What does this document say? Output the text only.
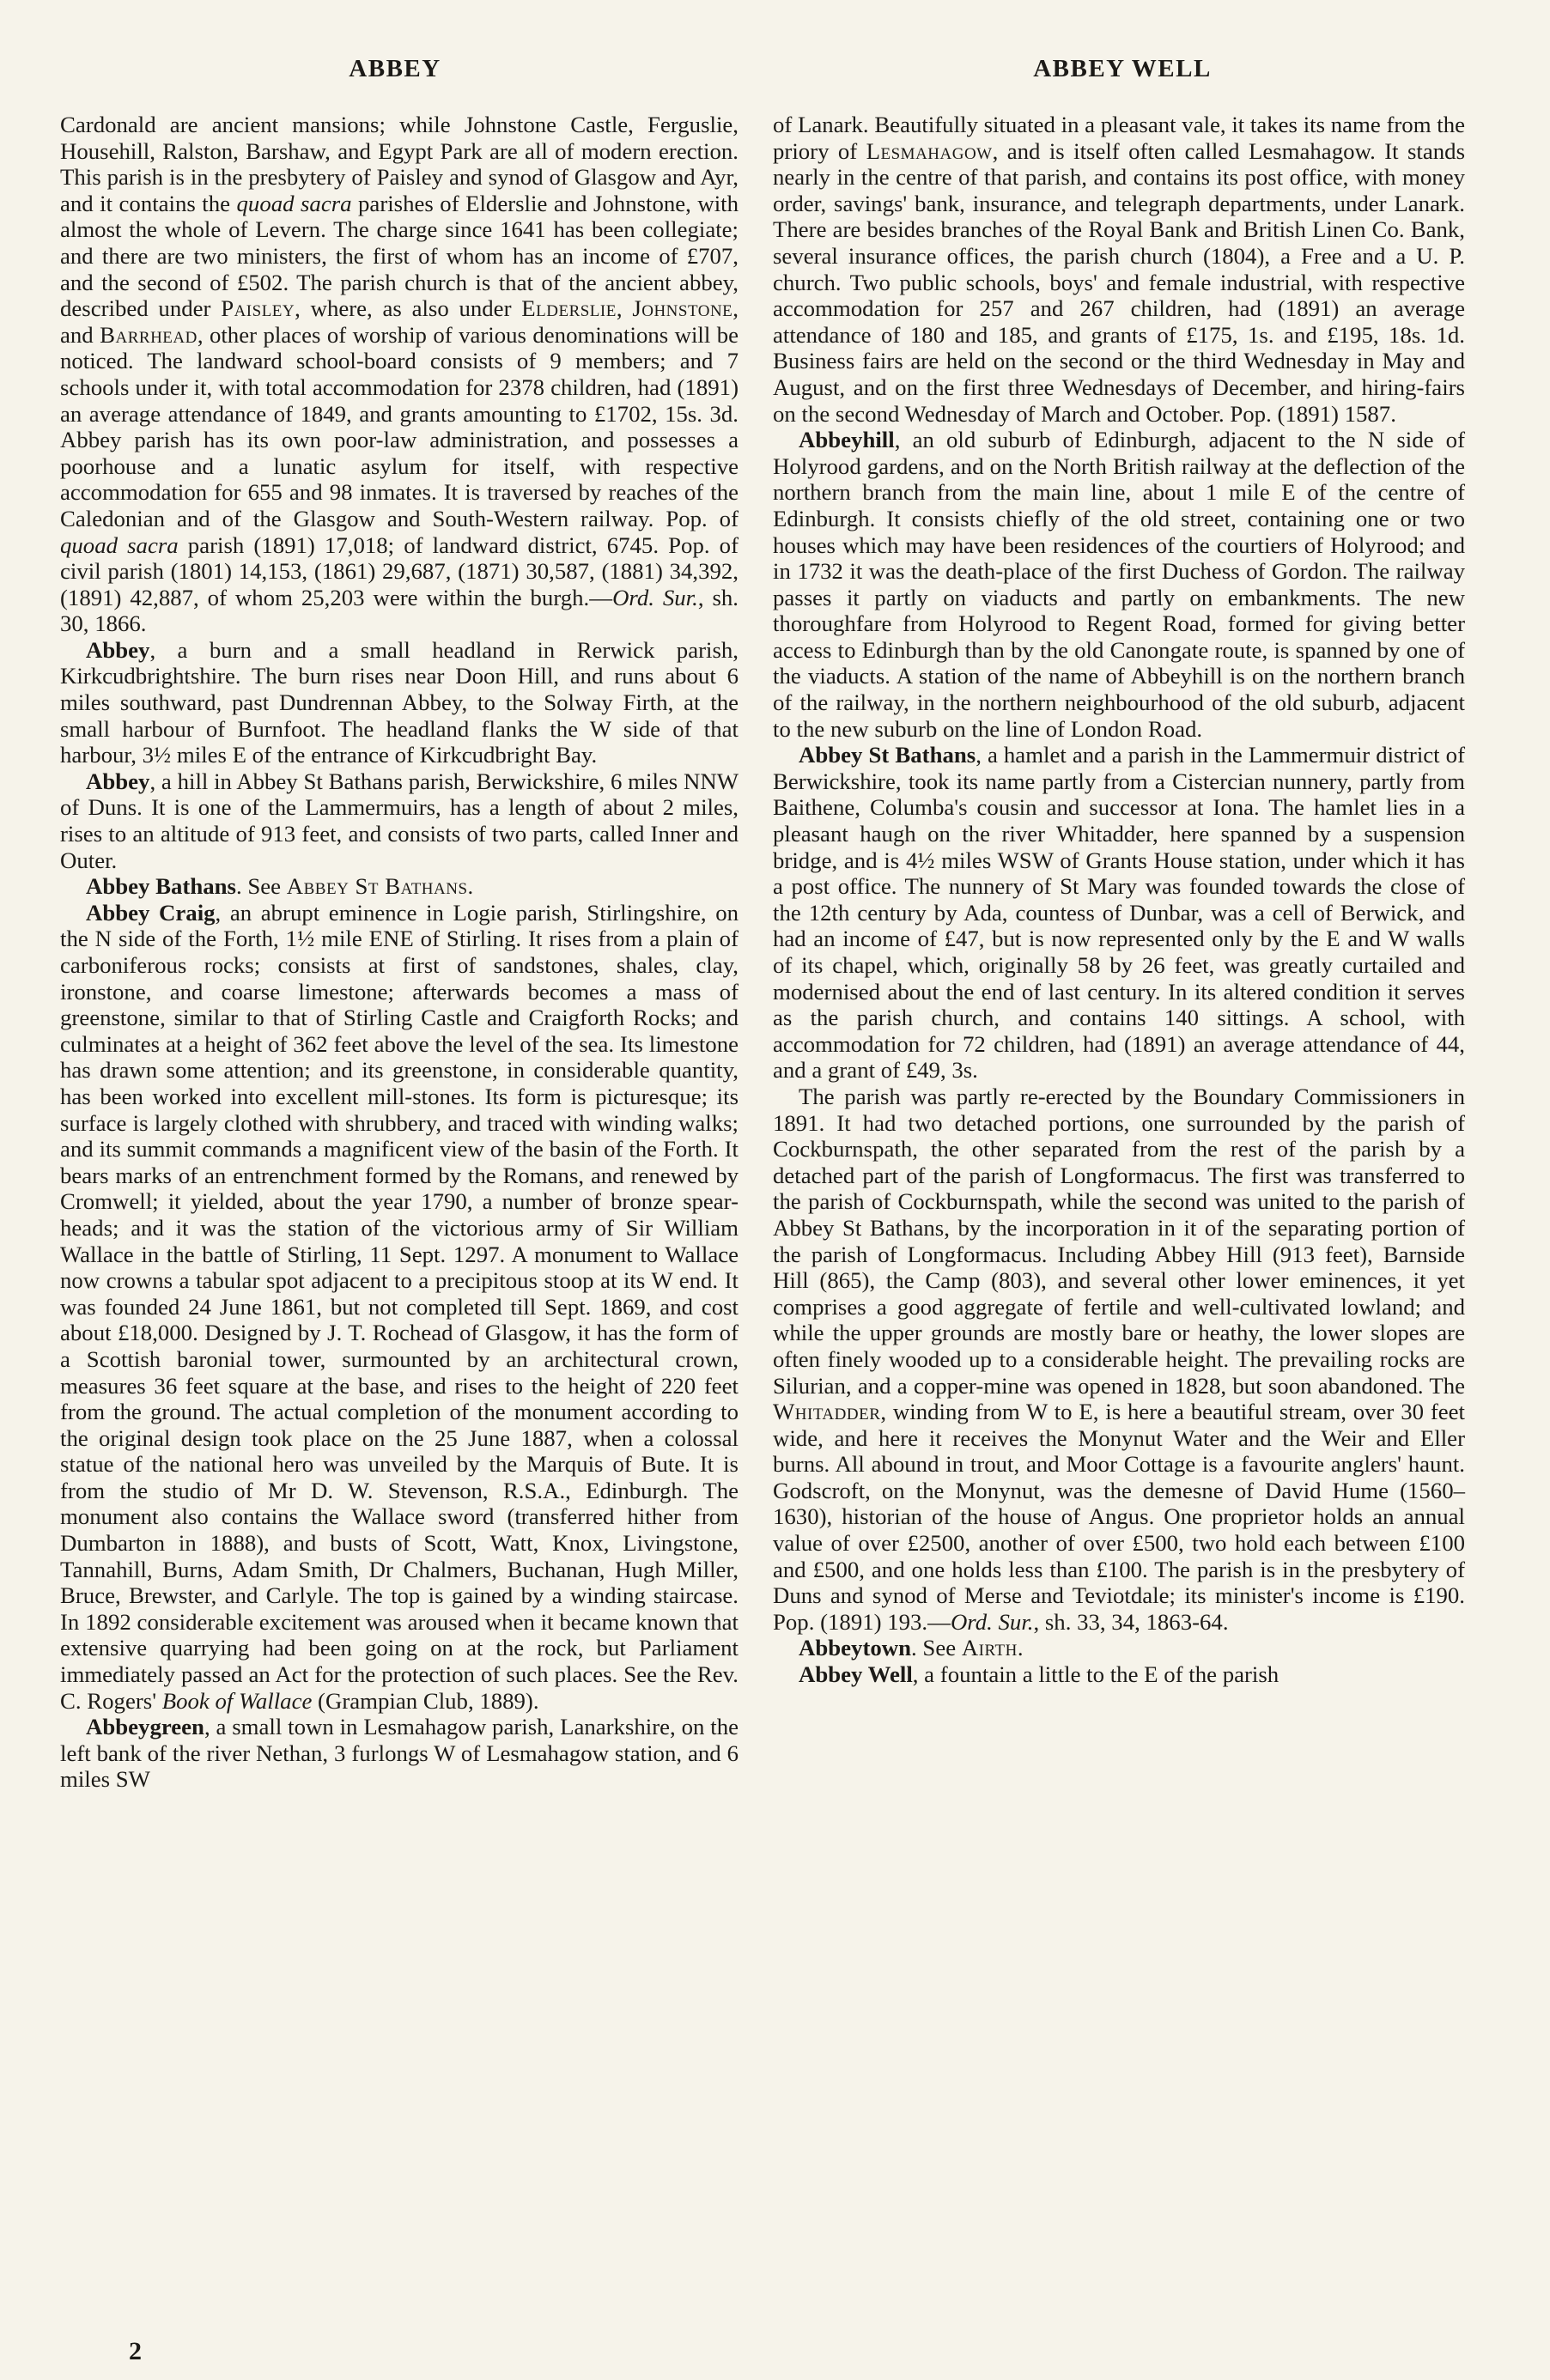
ABBEY	ABBEY WELL

Cardonald are ancient mansions; while Johnstone Castle, Ferguslie, Househill, Ralston, Barshaw, and Egypt Park are all of modern erection. This parish is in the presbytery of Paisley and synod of Glasgow and Ayr, and it contains the quoad sacra parishes of Elderslie and Johnstone, with almost the whole of Levern. The charge since 1641 has been collegiate; and there are two ministers, the first of whom has an income of £707, and the second of £502. The parish church is that of the ancient abbey, described under Paisley, where, as also under Elderslie, Johnstone, and Barrhead, other places of worship of various denominations will be noticed. The landward school-board consists of 9 members; and 7 schools under it, with total accommodation for 2378 children, had (1891) an average attendance of 1849, and grants amounting to £1702, 15s. 3d. Abbey parish has its own poor-law administration, and possesses a poorhouse and a lunatic asylum for itself, with respective accommodation for 655 and 98 inmates. It is traversed by reaches of the Caledonian and of the Glasgow and South-Western railway. Pop. of quoad sacra parish (1891) 17,018; of landward district, 6745. Pop. of civil parish (1801) 14,153, (1861) 29,687, (1871) 30,587, (1881) 34,392, (1891) 42,887, of whom 25,203 were within the burgh.—Ord. Sur., sh. 30, 1866.

Abbey, a burn and a small headland in Rerwick parish, Kirkcudbrightshire. The burn rises near Doon Hill, and runs about 6 miles southward, past Dundrennan Abbey, to the Solway Firth, at the small harbour of Burnfoot. The headland flanks the W side of that harbour, 3½ miles E of the entrance of Kirkcudbright Bay.

Abbey, a hill in Abbey St Bathans parish, Berwickshire, 6 miles NNW of Duns. It is one of the Lammermuirs, has a length of about 2 miles, rises to an altitude of 913 feet, and consists of two parts, called Inner and Outer.

Abbey Bathans. See Abbey St Bathans.

Abbey Craig, an abrupt eminence in Logie parish, Stirlingshire, on the N side of the Forth, 1½ mile ENE of Stirling. It rises from a plain of carboniferous rocks; consists at first of sandstones, shales, clay, ironstone, and coarse limestone; afterwards becomes a mass of greenstone, similar to that of Stirling Castle and Craigforth Rocks; and culminates at a height of 362 feet above the level of the sea. Its limestone has drawn some attention; and its greenstone, in considerable quantity, has been worked into excellent mill-stones. Its form is picturesque; its surface is largely clothed with shrubbery, and traced with winding walks; and its summit commands a magnificent view of the basin of the Forth. It bears marks of an entrenchment formed by the Romans, and renewed by Cromwell; it yielded, about the year 1790, a number of bronze spear-heads; and it was the station of the victorious army of Sir William Wallace in the battle of Stirling, 11 Sept. 1297. A monument to Wallace now crowns a tabular spot adjacent to a precipitous stoop at its W end. It was founded 24 June 1861, but not completed till Sept. 1869, and cost about £18,000. Designed by J. T. Rochead of Glasgow, it has the form of a Scottish baronial tower, surmounted by an architectural crown, measures 36 feet square at the base, and rises to the height of 220 feet from the ground. The actual completion of the monument according to the original design took place on the 25 June 1887, when a colossal statue of the national hero was unveiled by the Marquis of Bute. It is from the studio of Mr D. W. Stevenson, R.S.A., Edinburgh. The monument also contains the Wallace sword (transferred hither from Dumbarton in 1888), and busts of Scott, Watt, Knox, Livingstone, Tannahill, Burns, Adam Smith, Dr Chalmers, Buchanan, Hugh Miller, Bruce, Brewster, and Carlyle. The top is gained by a winding staircase. In 1892 considerable excitement was aroused when it became known that extensive quarrying had been going on at the rock, but Parliament immediately passed an Act for the protection of such places. See the Rev. C. Rogers' Book of Wallace (Grampian Club, 1889).

Abbeygreen, a small town in Lesmahagow parish, Lanarkshire, on the left bank of the river Nethan, 3 furlongs W of Lesmahagow station, and 6 miles SW

of Lanark. Beautifully situated in a pleasant vale, it takes its name from the priory of Lesmahagow, and is itself often called Lesmahagow. It stands nearly in the centre of that parish, and contains its post office, with money order, savings' bank, insurance, and telegraph departments, under Lanark. There are besides branches of the Royal Bank and British Linen Co. Bank, several insurance offices, the parish church (1804), a Free and a U. P. church. Two public schools, boys' and female industrial, with respective accommodation for 257 and 267 children, had (1891) an average attendance of 180 and 185, and grants of £175, 1s. and £195, 18s. 1d. Business fairs are held on the second or the third Wednesday in May and August, and on the first three Wednesdays of December, and hiring-fairs on the second Wednesday of March and October. Pop. (1891) 1587.

Abbeyhill, an old suburb of Edinburgh, adjacent to the N side of Holyrood gardens, and on the North British railway at the deflection of the northern branch from the main line, about 1 mile E of the centre of Edinburgh. It consists chiefly of the old street, containing one or two houses which may have been residences of the courtiers of Holyrood; and in 1732 it was the death-place of the first Duchess of Gordon. The railway passes it partly on viaducts and partly on embankments. The new thoroughfare from Holyrood to Regent Road, formed for giving better access to Edinburgh than by the old Canongate route, is spanned by one of the viaducts. A station of the name of Abbeyhill is on the northern branch of the railway, in the northern neighbourhood of the old suburb, adjacent to the new suburb on the line of London Road.

Abbey St Bathans, a hamlet and a parish in the Lammermuir district of Berwickshire, took its name partly from a Cistercian nunnery, partly from Baithene, Columba's cousin and successor at Iona. The hamlet lies in a pleasant haugh on the river Whitadder, here spanned by a suspension bridge, and is 4½ miles WSW of Grants House station, under which it has a post office. The nunnery of St Mary was founded towards the close of the 12th century by Ada, countess of Dunbar, was a cell of Berwick, and had an income of £47, but is now represented only by the E and W walls of its chapel, which, originally 58 by 26 feet, was greatly curtailed and modernised about the end of last century. In its altered condition it serves as the parish church, and contains 140 sittings. A school, with accommodation for 72 children, had (1891) an average attendance of 44, and a grant of £49, 3s.

The parish was partly re-erected by the Boundary Commissioners in 1891. It had two detached portions, one surrounded by the parish of Cockburnspath, the other separated from the rest of the parish by a detached part of the parish of Longformacus. The first was transferred to the parish of Cockburnspath, while the second was united to the parish of Abbey St Bathans, by the incorporation in it of the separating portion of the parish of Longformacus. Including Abbey Hill (913 feet), Barnside Hill (865), the Camp (803), and several other lower eminences, it yet comprises a good aggregate of fertile and well-cultivated lowland; and while the upper grounds are mostly bare or heathy, the lower slopes are often finely wooded up to a considerable height. The prevailing rocks are Silurian, and a copper-mine was opened in 1828, but soon abandoned. The Whitadder, winding from W to E, is here a beautiful stream, over 30 feet wide, and here it receives the Monynut Water and the Weir and Eller burns. All abound in trout, and Moor Cottage is a favourite anglers' haunt. Godscroft, on the Monynut, was the demesne of David Hume (1560–1630), historian of the house of Angus. One proprietor holds an annual value of over £2500, another of over £500, two hold each between £100 and £500, and one holds less than £100. The parish is in the presbytery of Duns and synod of Merse and Teviotdale; its minister's income is £190. Pop. (1891) 193.—Ord. Sur., sh. 33, 34, 1863-64.

Abbeytown. See Airth.

Abbey Well, a fountain a little to the E of the parish

2
